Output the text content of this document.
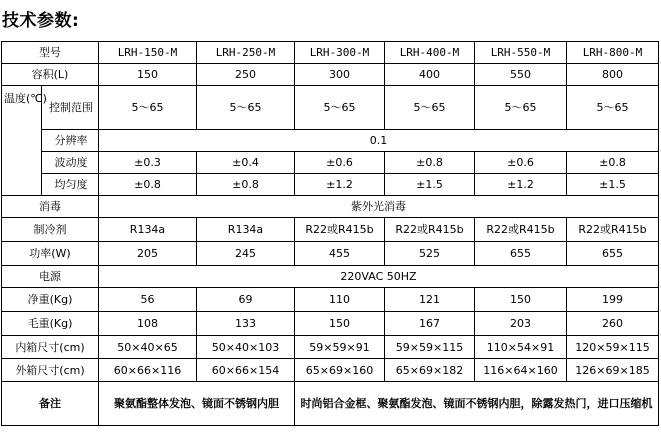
技术参数:
型号		LRH-150-M	LRH-250-M	LRH-300-M	LRH-400-M	LRH-550-M	LRH-800-M
容积(L)		150	250	300	400	550	800
温度(℃)	控制范围	5～65	5～65	5～65	5～65	5～65	5～65
	分辨率	0.1					
	波动度	±0.3	±0.4	±0.6	±0.8	±0.6	±0.8
	均匀度	±0.8	±0.8	±1.2	±1.5	±1.2	±1.5
消毒		紫外光消毒					
制冷剂		R134a	R134a	R22或R415b	R22或R415b	R22或R415b	R22或R415b
功率(W)		205	245	455	525	655	655
电源		220VAC 50HZ					
净重(Kg)		56	69	110	121	150	199
毛重(Kg)		108	133	150	167	203	260
内箱尺寸(cm)		50×40×65	50×40×103	59×59×91	59×59×115	110×54×91	120×59×115
外箱尺寸(cm)		60×66×116	60×66×154	65×69×160	65×69×182	116×64×160	126×69×185
备注		聚氨酯整体发泡、镜面不锈钢内胆		时尚铝合金框、聚氨酯发泡、镜面不锈钢内胆，除露发热门，进口压缩机			
